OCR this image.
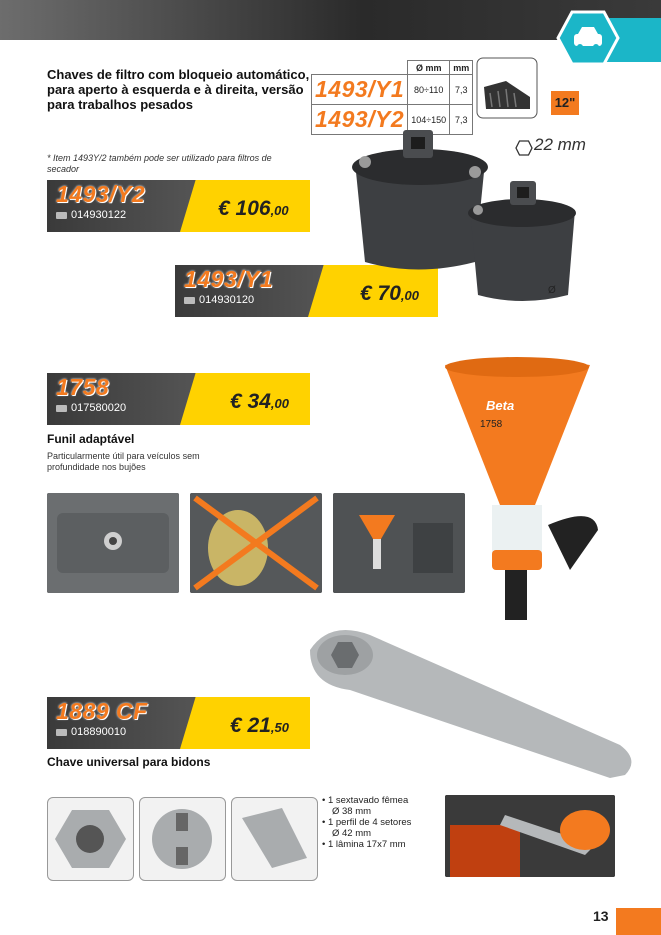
Chaves de filtro com bloqueio automático, para aperto à esquerda e à direita, versão para trabalhos pesados
	Ø mm	mm
1493/Y1	80÷110	7,3
1493/Y2	104÷150	7,3
12"
22 mm
* Item 1493Y/2 também pode ser utilizado para filtros de secador
1493/Y2
014930122	€ 106,00
1493/Y1
014930120	€ 70,00	Ø
1758
017580020	€ 34,00
Funil adaptável
Particularmente útil para veículos sem profundidade nos bujões
Beta
1758
1889 CF
018890010	€ 21,50
Chave universal para bidons
• 1 sextavado fêmea
Ø 38 mm
• 1 perfil de 4 setores
Ø 42 mm
• 1 lâmina 17x7 mm
13
